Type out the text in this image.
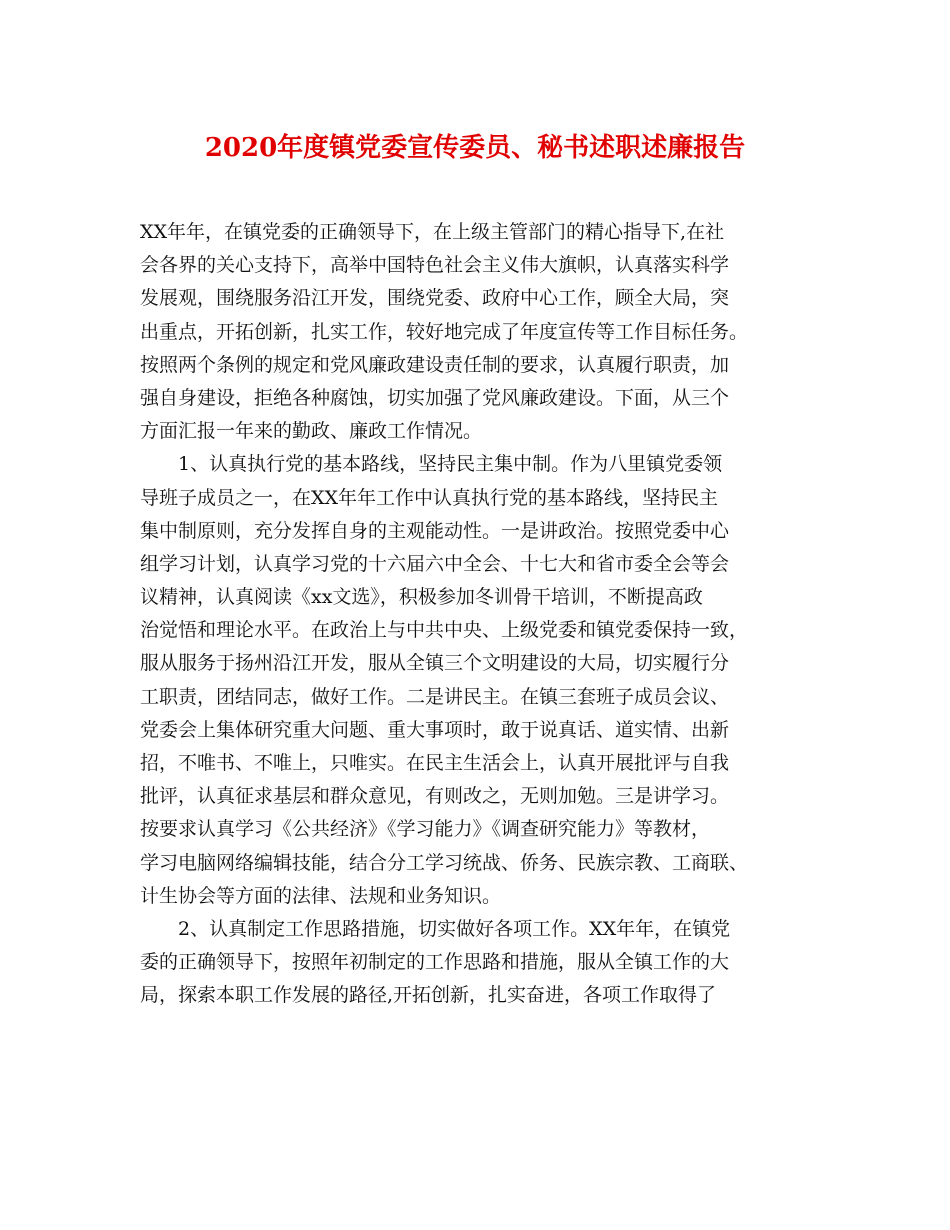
2020年度镇党委宣传委员、秘书述职述廉报告

XX年年，在镇党委的正确领导下，在上级主管部门的精心指导下,在社
会各界的关心支持下，高举中国特色社会主义伟大旗帜，认真落实科学
发展观，围绕服务沿江开发，围绕党委、政府中心工作，顾全大局，突
出重点，开拓创新，扎实工作，较好地完成了年度宣传等工作目标任务。
按照两个条例的规定和党风廉政建设责任制的要求，认真履行职责，加
强自身建设，拒绝各种腐蚀，切实加强了党风廉政建设。下面，从三个
方面汇报一年来的勤政、廉政工作情况。

1、认真执行党的基本路线，坚持民主集中制。作为八里镇党委领
导班子成员之一，在XX年年工作中认真执行党的基本路线，坚持民主
集中制原则，充分发挥自身的主观能动性。一是讲政治。按照党委中心
组学习计划，认真学习党的十六届六中全会、十七大和省市委全会等会
议精神，认真阅读《xx文选》，积极参加冬训骨干培训，不断提高政
治觉悟和理论水平。在政治上与中共中央、上级党委和镇党委保持一致，
服从服务于扬州沿江开发，服从全镇三个文明建设的大局，切实履行分
工职责，团结同志，做好工作。二是讲民主。在镇三套班子成员会议、
党委会上集体研究重大问题、重大事项时，敢于说真话、道实情、出新
招，不唯书、不唯上，只唯实。在民主生活会上，认真开展批评与自我
批评，认真征求基层和群众意见，有则改之，无则加勉。三是讲学习。
按要求认真学习《公共经济》《学习能力》《调查研究能力》等教材，
学习电脑网络编辑技能，结合分工学习统战、侨务、民族宗教、工商联、
计生协会等方面的法律、法规和业务知识。

2、认真制定工作思路措施，切实做好各项工作。XX年年，在镇党
委的正确领导下，按照年初制定的工作思路和措施，服从全镇工作的大
局，探索本职工作发展的路径,开拓创新，扎实奋进，各项工作取得了
